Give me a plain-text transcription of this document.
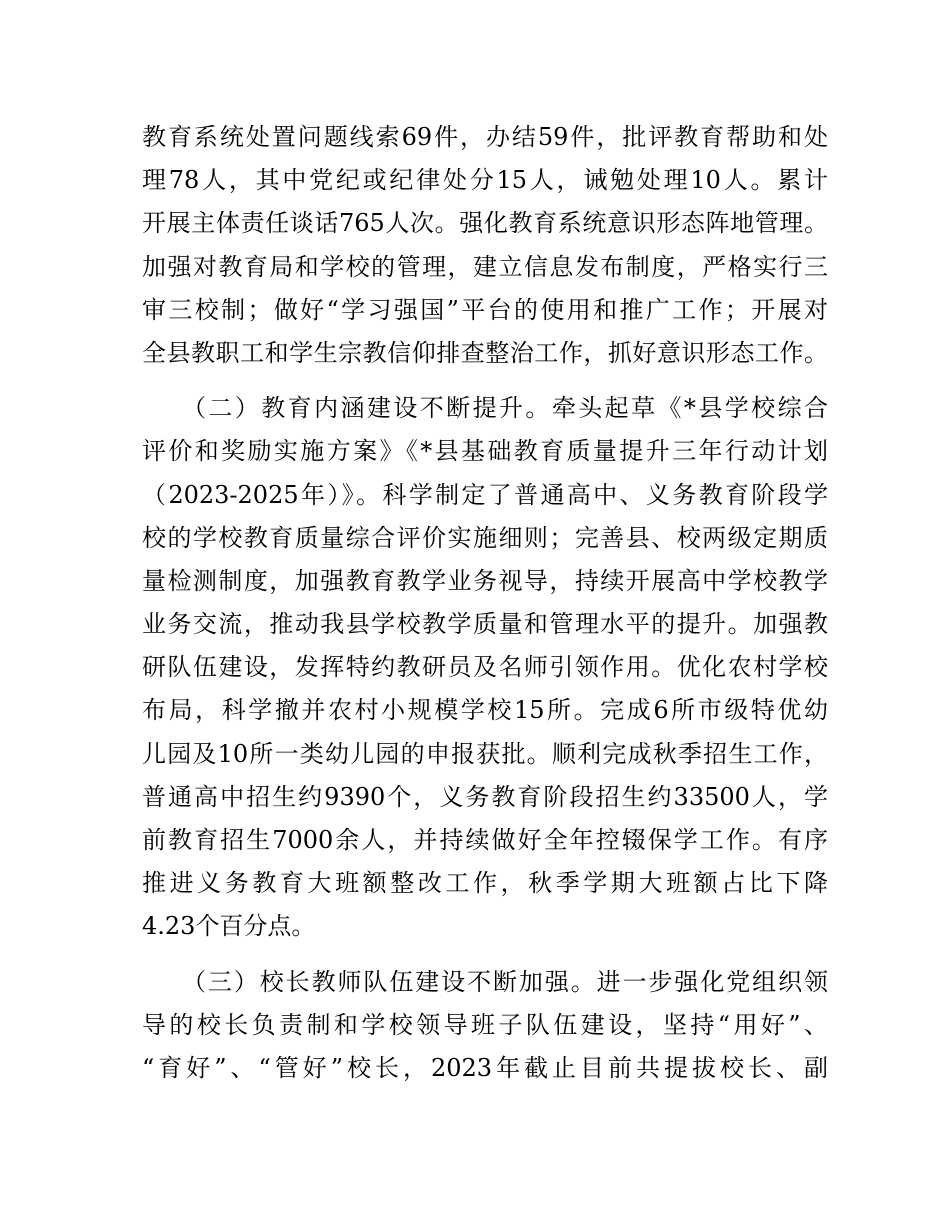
教育系统处置问题线索69件，办结59件，批评教育帮助和处
理78人，其中党纪或纪律处分15人，诫勉处理10人。累计
开展主体责任谈话765人次。强化教育系统意识形态阵地管理。
加强对教育局和学校的管理，建立信息发布制度，严格实行三
审三校制；做好“学习强国”平台的使用和推广工作；开展对
全县教职工和学生宗教信仰排查整治工作，抓好意识形态工作。
（二）教育内涵建设不断提升。牵头起草《*县学校综合
评价和奖励实施方案》《*县基础教育质量提升三年行动计划
（2023-2025年）》。科学制定了普通高中、义务教育阶段学
校的学校教育质量综合评价实施细则；完善县、校两级定期质
量检测制度，加强教育教学业务视导，持续开展高中学校教学
业务交流，推动我县学校教学质量和管理水平的提升。加强教
研队伍建设，发挥特约教研员及名师引领作用。优化农村学校
布局，科学撤并农村小规模学校15所。完成6所市级特优幼
儿园及10所一类幼儿园的申报获批。顺利完成秋季招生工作，
普通高中招生约9390个，义务教育阶段招生约33500人，学
前教育招生7000余人，并持续做好全年控辍保学工作。有序
推进义务教育大班额整改工作，秋季学期大班额占比下降
4.23个百分点。
（三）校长教师队伍建设不断加强。进一步强化党组织领
导的校长负责制和学校领导班子队伍建设，坚持“用好”、
“育好”、“管好”校长，2023年截止目前共提拔校长、副
